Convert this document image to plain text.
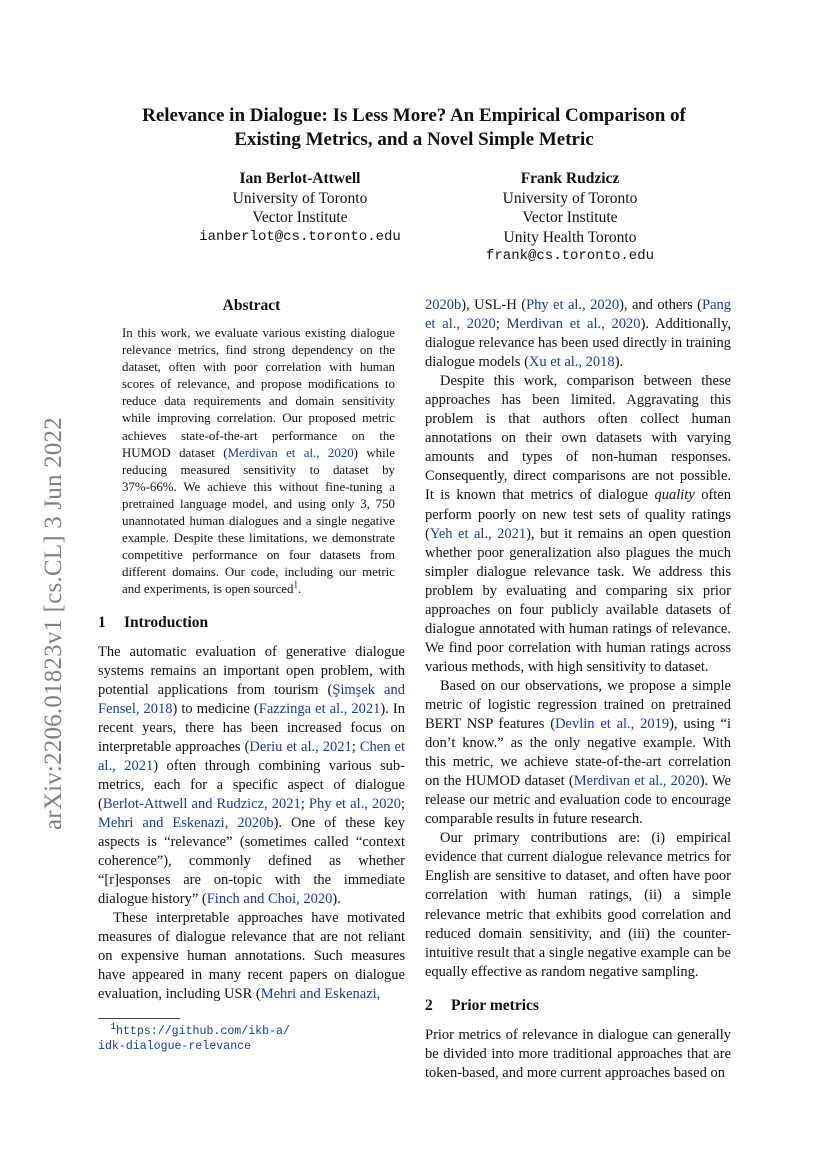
arXiv:2206.01823v1 [cs.CL] 3 Jun 2022
Relevance in Dialogue: Is Less More? An Empirical Comparison of
Existing Metrics, and a Novel Simple Metric
Ian Berlot-Attwell
University of Toronto
Vector Institute
ianberlot@cs.toronto.edu
Frank Rudzicz
University of Toronto
Vector Institute
Unity Health Toronto
frank@cs.toronto.edu
Abstract
In this work, we evaluate various existing dialogue relevance metrics, find strong dependency on the dataset, often with poor correlation with human scores of relevance, and propose modifications to reduce data requirements and domain sensitivity while improving correlation. Our proposed metric achieves state-of-the-art performance on the HUMOD dataset (Merdivan et al., 2020) while reducing measured sensitivity to dataset by 37%-66%. We achieve this without fine-tuning a pretrained language model, and using only 3, 750 unannotated human dialogues and a single negative example. Despite these limitations, we demonstrate competitive performance on four datasets from different domains. Our code, including our metric and experiments, is open sourced$^1$.
1 Introduction

The automatic evaluation of generative dialogue systems remains an important open problem, with potential applications from tourism (Şimşek and Fensel, 2018) to medicine (Fazzinga et al., 2021). In recent years, there has been increased focus on interpretable approaches (Deriu et al., 2021; Chen et al., 2021) often through combining various sub-metrics, each for a specific aspect of dialogue (Berlot-Attwell and Rudzicz, 2021; Phy et al., 2020; Mehri and Eskenazi, 2020b). One of these key aspects is “relevance” (sometimes called “context coherence”), commonly defined as whether “[r]esponses are on-topic with the immediate dialogue history” (Finch and Choi, 2020).

These interpretable approaches have motivated measures of dialogue relevance that are not reliant on expensive human annotations. Such measures have appeared in many recent papers on dialogue evaluation, including USR (Mehri and Eskenazi,

$^1$https://github.com/ikb-a/
idk-dialogue-relevance

2020b), USL-H (Phy et al., 2020), and others (Pang et al., 2020; Merdivan et al., 2020). Additionally, dialogue relevance has been used directly in training dialogue models (Xu et al., 2018).

Despite this work, comparison between these approaches has been limited. Aggravating this problem is that authors often collect human annotations on their own datasets with varying amounts and types of non-human responses. Consequently, direct comparisons are not possible. It is known that metrics of dialogue quality often perform poorly on new test sets of quality ratings (Yeh et al., 2021), but it remains an open question whether poor generalization also plagues the much simpler dialogue relevance task. We address this problem by evaluating and comparing six prior approaches on four publicly available datasets of dialogue annotated with human ratings of relevance. We find poor correlation with human ratings across various methods, with high sensitivity to dataset.

Based on our observations, we propose a simple metric of logistic regression trained on pretrained BERT NSP features (Devlin et al., 2019), using “i don’t know.” as the only negative example. With this metric, we achieve state-of-the-art correlation on the HUMOD dataset (Merdivan et al., 2020). We release our metric and evaluation code to encourage comparable results in future research.

Our primary contributions are: (i) empirical evidence that current dialogue relevance metrics for English are sensitive to dataset, and often have poor correlation with human ratings, (ii) a simple relevance metric that exhibits good correlation and reduced domain sensitivity, and (iii) the counter-intuitive result that a single negative example can be equally effective as random negative sampling.

2 Prior metrics

Prior metrics of relevance in dialogue can generally be divided into more traditional approaches that are token-based, and more current approaches based on
